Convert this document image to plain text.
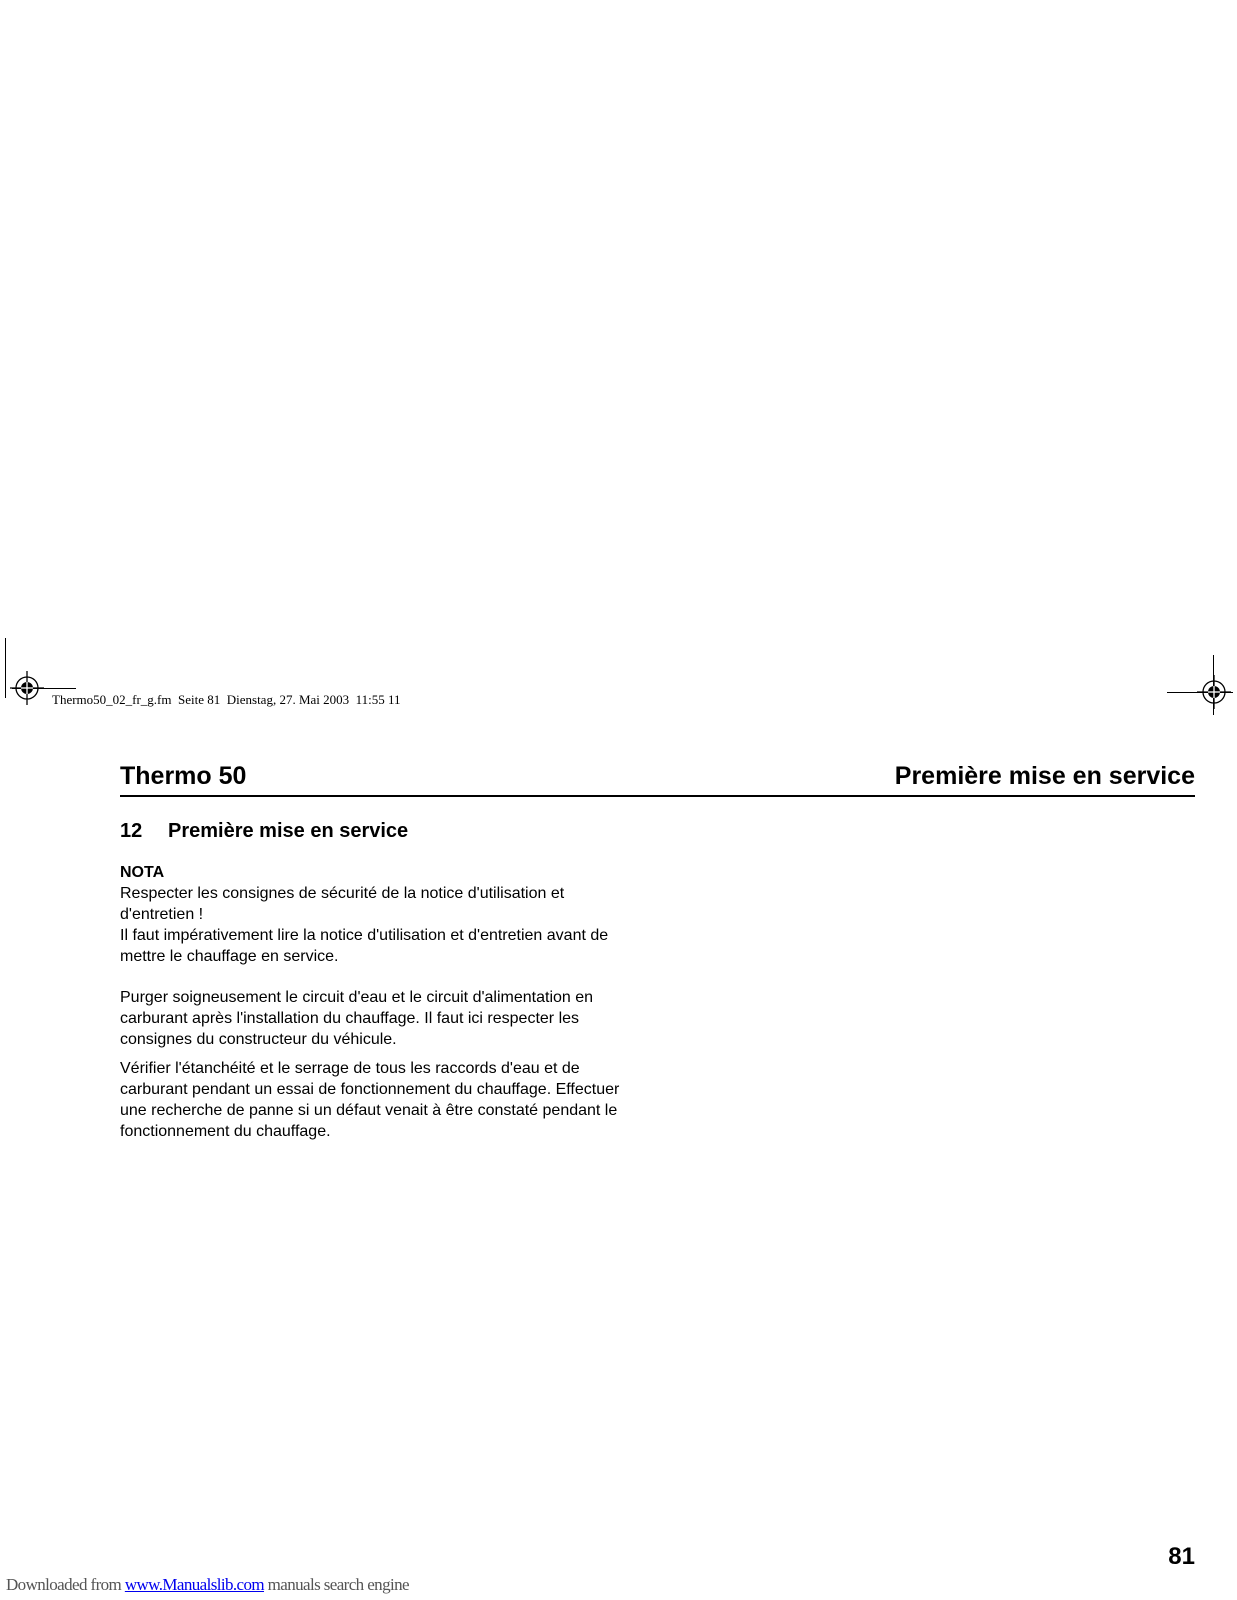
Thermo50_02_fr_g.fm  Seite 81  Dienstag, 27. Mai 2003  11:55 11
Thermo 50	Première mise en service
12 Première mise en service

NOTA

Respecter les consignes de sécurité de la notice d'utilisation et

d'entretien !

Il faut impérativement lire la notice d'utilisation et d'entretien avant de

mettre le chauffage en service.

Purger soigneusement le circuit d'eau et le circuit d'alimentation en

carburant après l'installation du chauffage. Il faut ici respecter les

consignes du constructeur du véhicule.

Vérifier l'étanchéité et le serrage de tous les raccords d'eau et de

carburant pendant un essai de fonctionnement du chauffage. Effectuer

une recherche de panne si un défaut venait à être constaté pendant le

fonctionnement du chauffage.

81
Downloaded from www.Manualslib.com manuals search engine
